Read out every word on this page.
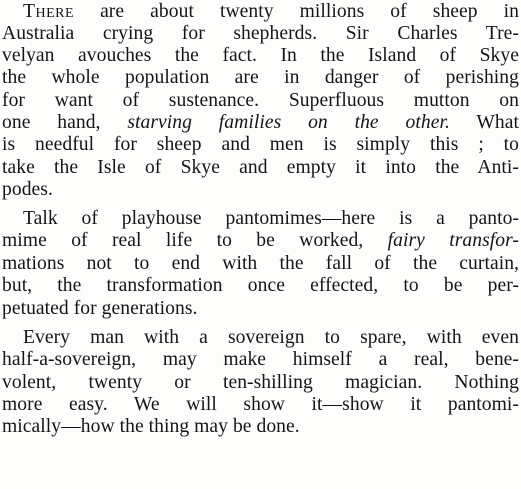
There are about twenty millions of sheep in
Australia crying for shepherds. Sir Charles Tre-
velyan avouches the fact. In the Island of Skye
the whole population are in danger of perishing
for want of sustenance. Superfluous mutton on
one hand, starving families on the other. What
is needful for sheep and men is simply this ; to
take the Isle of Skye and empty it into the Anti-
podes.
Talk of playhouse pantomimes—here is a panto-
mime of real life to be worked, fairy transfor-
mations not to end with the fall of the curtain,
but, the transformation once effected, to be per-
petuated for generations.
Every man with a sovereign to spare, with even
half-a-sovereign, may make himself a real, bene-
volent, twenty or ten-shilling magician. Nothing
more easy. We will show it—show it pantomi-
mically—how the thing may be done.
